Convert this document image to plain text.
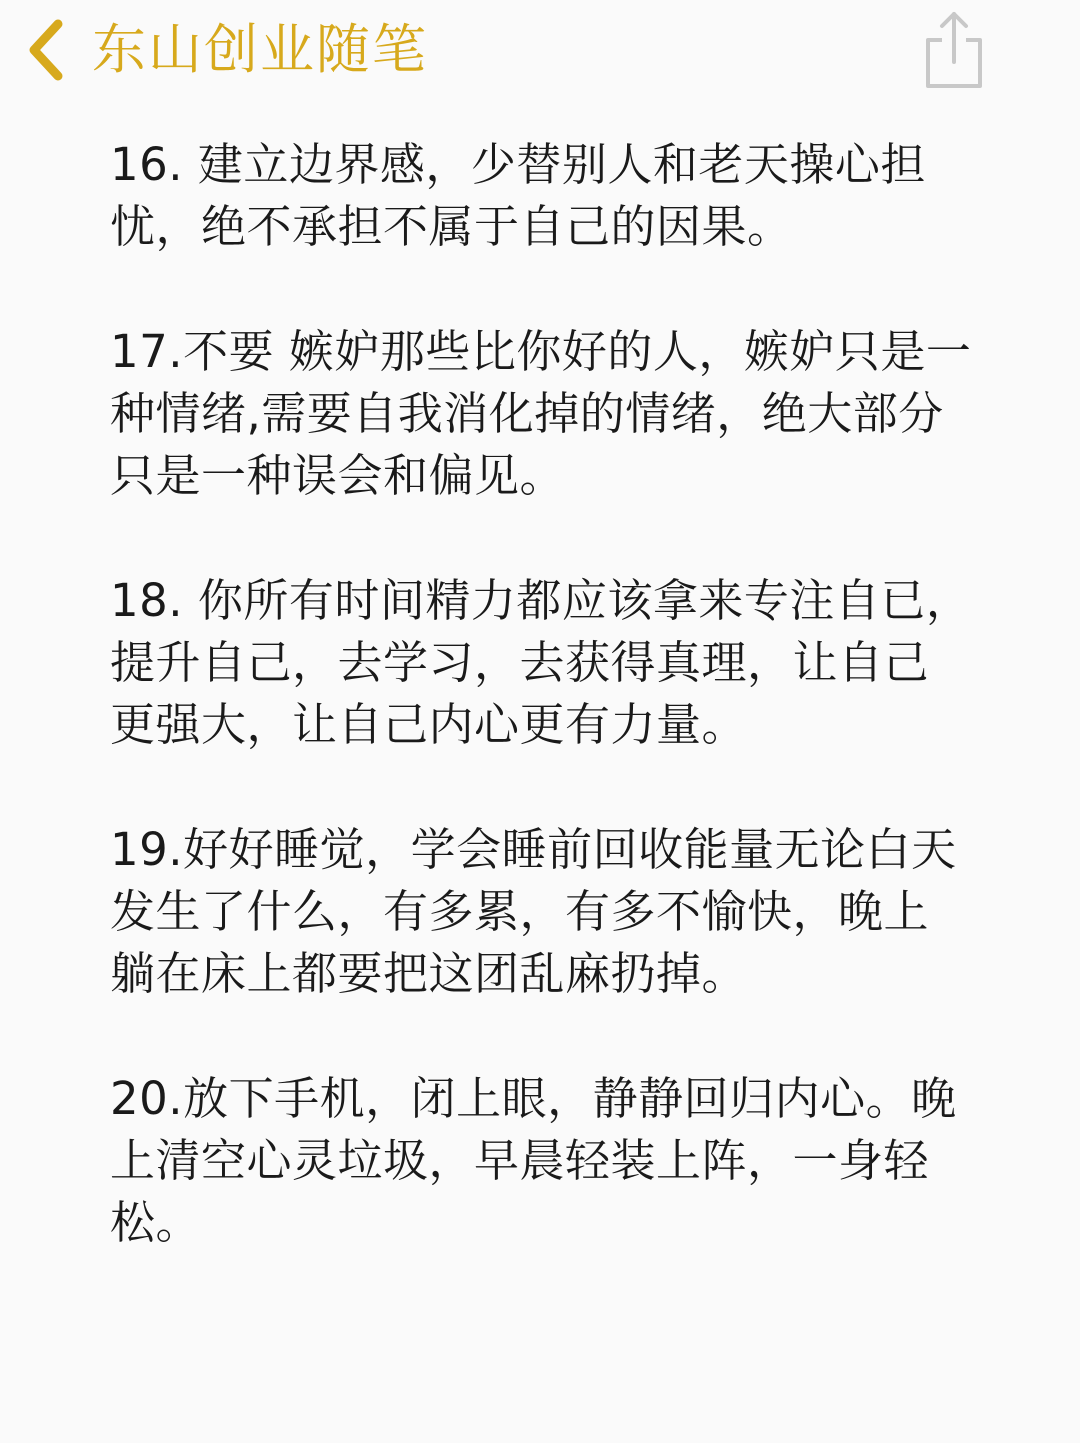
东山创业随笔

16. 建立边界感，少替别人和老天操心担
忧，绝不承担不属于自己的因果。

17.不要 嫉妒那些比你好的人，嫉妒只是一
种情绪,需要自我消化掉的情绪，绝大部分
只是一种误会和偏见。

18. 你所有时间精力都应该拿来专注自已，
提升自己，去学习，去获得真理，让自己
更强大，让自己内心更有力量。

19.好好睡觉，学会睡前回收能量无论白天
发生了什么，有多累，有多不愉快，晚上
躺在床上都要把这团乱麻扔掉。

20.放下手机，闭上眼，静静回归内心。晚
上清空心灵垃圾，早晨轻装上阵，一身轻
松。
